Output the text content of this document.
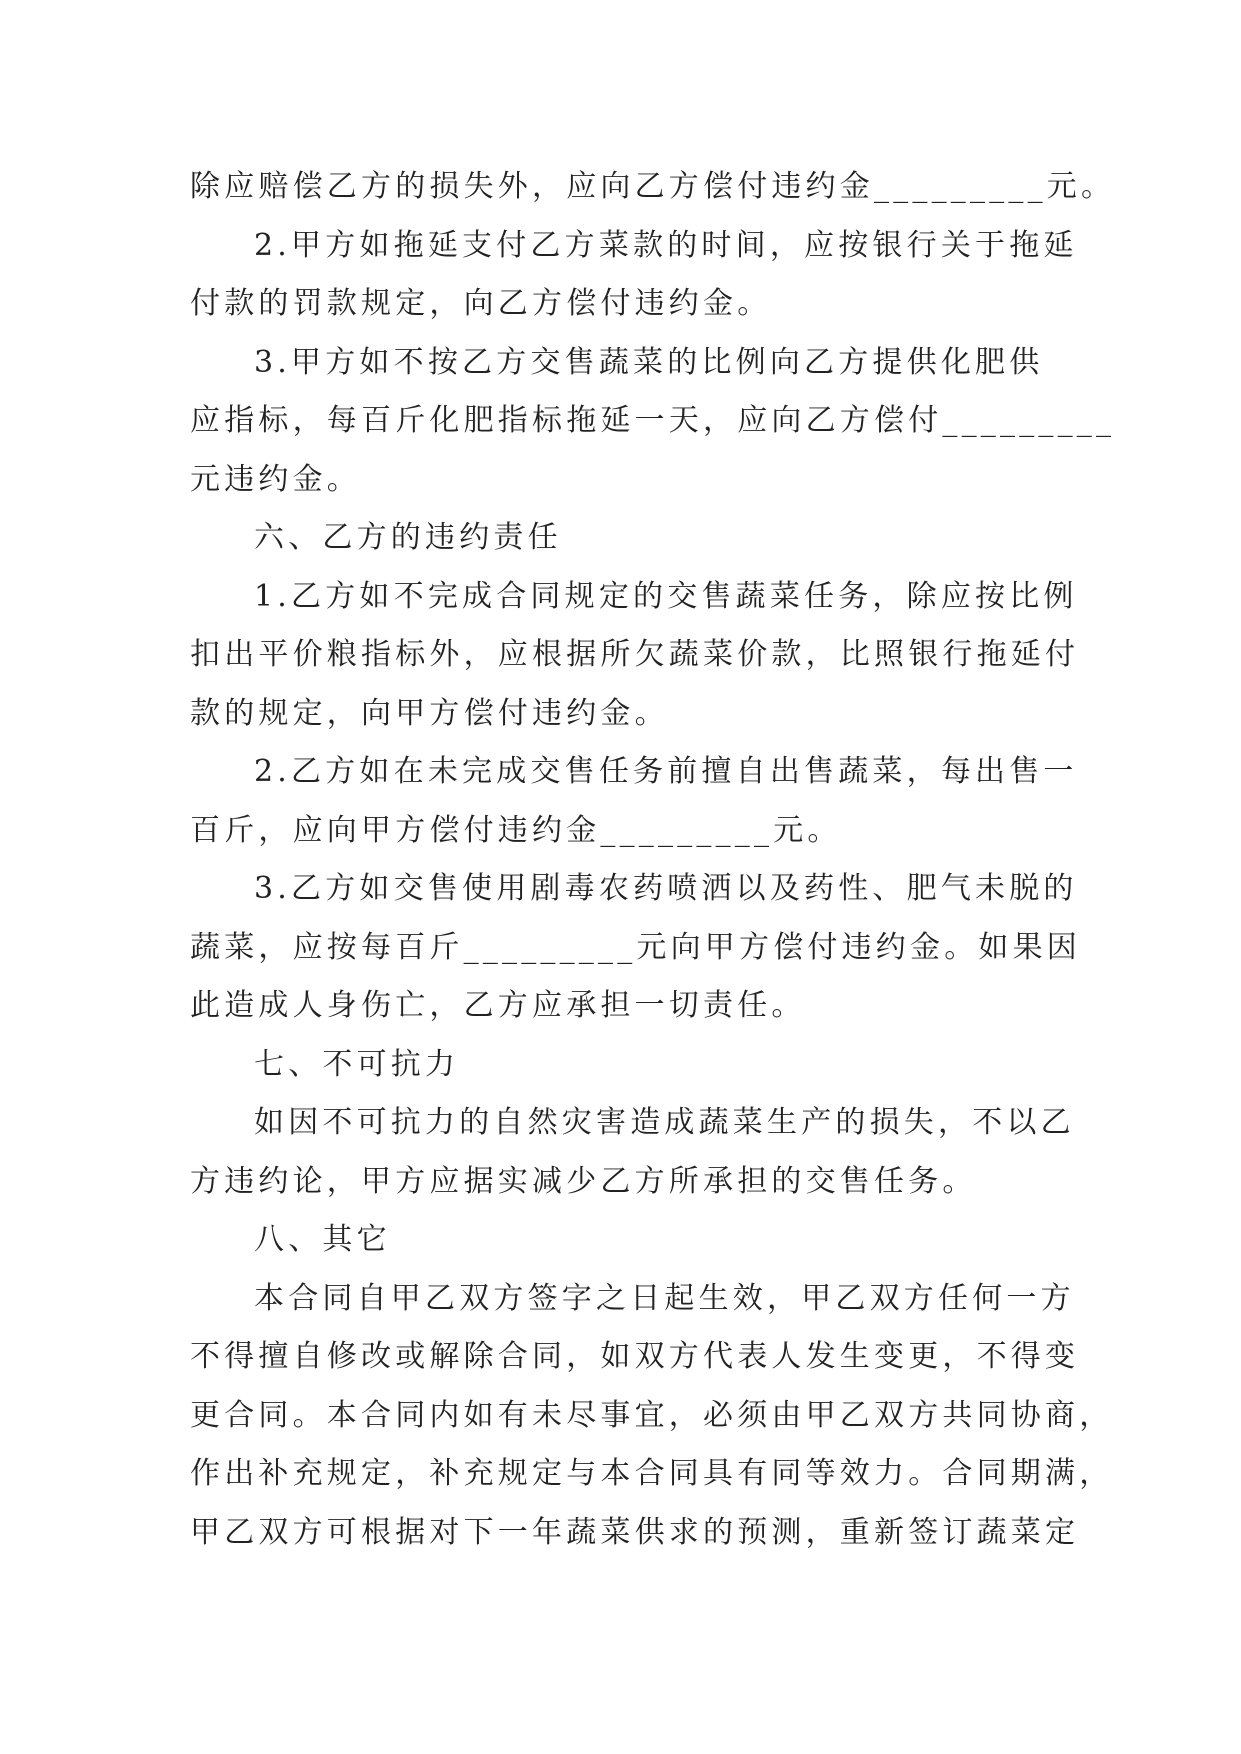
除应赔偿乙方的损失外，应向乙方偿付违约金_________元。
2.甲方如拖延支付乙方菜款的时间，应按银行关于拖延
付款的罚款规定，向乙方偿付违约金。
3.甲方如不按乙方交售蔬菜的比例向乙方提供化肥供
应指标，每百斤化肥指标拖延一天，应向乙方偿付_________
元违约金。
六、乙方的违约责任
1.乙方如不完成合同规定的交售蔬菜任务，除应按比例
扣出平价粮指标外，应根据所欠蔬菜价款，比照银行拖延付
款的规定，向甲方偿付违约金。
2.乙方如在未完成交售任务前擅自出售蔬菜，每出售一
百斤，应向甲方偿付违约金_________元。
3.乙方如交售使用剧毒农药喷洒以及药性、肥气未脱的
蔬菜，应按每百斤_________元向甲方偿付违约金。如果因
此造成人身伤亡，乙方应承担一切责任。
七、不可抗力
如因不可抗力的自然灾害造成蔬菜生产的损失，不以乙
方违约论，甲方应据实减少乙方所承担的交售任务。
八、其它
本合同自甲乙双方签字之日起生效，甲乙双方任何一方
不得擅自修改或解除合同，如双方代表人发生变更，不得变
更合同。本合同内如有未尽事宜，必须由甲乙双方共同协商，
作出补充规定，补充规定与本合同具有同等效力。合同期满，
甲乙双方可根据对下一年蔬菜供求的预测，重新签订蔬菜定
